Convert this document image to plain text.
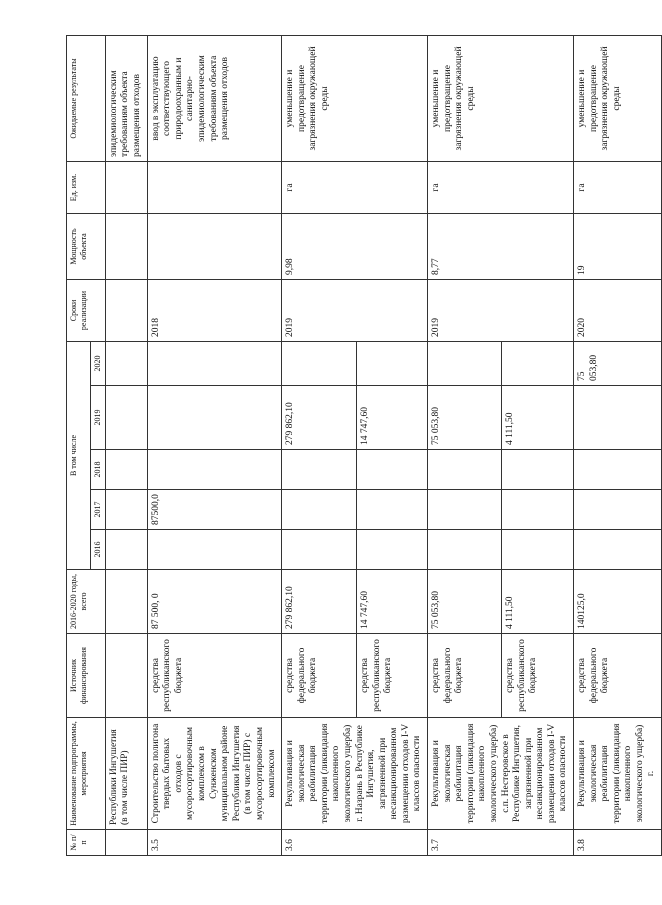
№ п/п	Наименование подпрограммы, мероприятия	Источник финансирования	2016-2020 годы, всего	В том числе					Сроки реализации	Мощность объекта	Ед. изм.	Ожидаемые результаты
				2016	2017	2018	2019	2020				
	Республики Ингушетия (в том числе ПИР)											эпидемиологическим требованиям объекта размещения отходов
3.5	Строительство полигона твердых бытовых отходов с мусоросортировочным комплексом в Сунженском муниципальном районе Республики Ингушетия (в том числе ПИР) с мусоросортировочным комплексом	средства республиканского бюджета	87 500, 0		87500,0				2018			ввод в эксплуатацию соответствующего природоохранным и санитарно-эпидемиологическим требованиям объекта размещения отходов
3.6	Рекультивация и экологическая реабилитация территории (ликвидация накопленного экологического ущерба) г. Назрань в Республике Ингушетия, загрязненной при несанкционированном размещении отходов I-V классов опасности	средства федерального бюджета	279 862,10				279 862,10		2019	9,98	га	уменьшение и предотвращение загрязнения окружающей среды
		средства республиканского бюджета	14 747,60				14 747,60					
3.7	Рекультивация и экологическая реабилитация территории (ликвидация накопленного экологического ущерба) с.п. Нестеровское в Республике Ингушетия, загрязненной при несанкционированном размещении отходов I-V классов опасности	средства федерального бюджета	75 053,80				75 053,80		2019	8,77	га	уменьшение и предотвращение загрязнения окружающей среды
		средства республиканского бюджета	4 111,50				4 111,50					
3.8	Рекультивация и экологическая реабилитация территории (ликвидация накопленного экологического ущерба) г.	средства федерального бюджета	140125,0					75 053,80	2020	19	га	уменьшение и предотвращение загрязнения окружающей среды
